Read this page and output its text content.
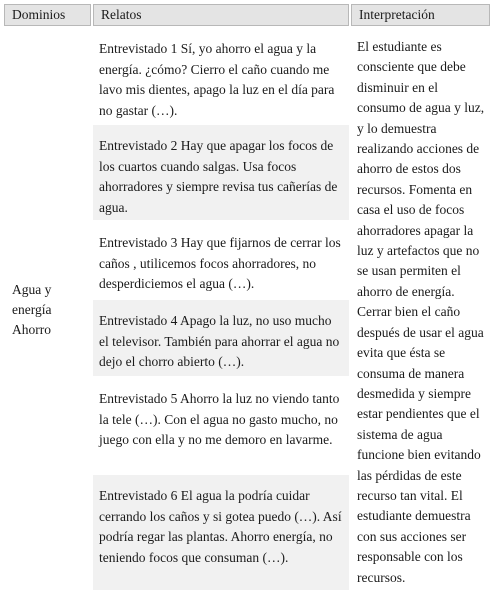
Dominios	Relatos	Interpretación
Agua y energía Ahorro
Entrevistado 1 Sí, yo ahorro el agua y la energía. ¿cómo? Cierro el caño cuando me lavo mis dientes, apago la luz en el día para no gastar (…).
Entrevistado 2 Hay que apagar los focos de los cuartos cuando salgas. Usa focos ahorradores y siempre revisa tus cañerías de agua.
Entrevistado 3 Hay que fijarnos de cerrar los caños , utilicemos focos ahorradores, no desperdiciemos el agua (…).
Entrevistado 4 Apago la luz, no uso mucho el televisor. También para ahorrar el agua no dejo el chorro abierto (…).
Entrevistado 5 Ahorro la luz no viendo tanto la tele (…). Con el agua no gasto mucho, no juego con ella y no me demoro en lavarme.
Entrevistado 6 El agua la podría cuidar cerrando los caños y si gotea puedo (…). Así podría regar las plantas. Ahorro energía, no teniendo focos que consuman (…).
El estudiante es consciente que debe disminuir en el consumo de agua y luz, y lo demuestra realizando acciones de ahorro de estos dos recursos. Fomenta en casa el uso de focos ahorradores apagar la luz y artefactos que no se usan permiten el ahorro de energía. Cerrar bien el caño después de usar el agua evita que ésta se consuma de manera desmedida y siempre estar pendientes que el sistema de agua funcione bien evitando las pérdidas de este recurso tan vital. El estudiante demuestra con sus acciones ser responsable con los recursos.
